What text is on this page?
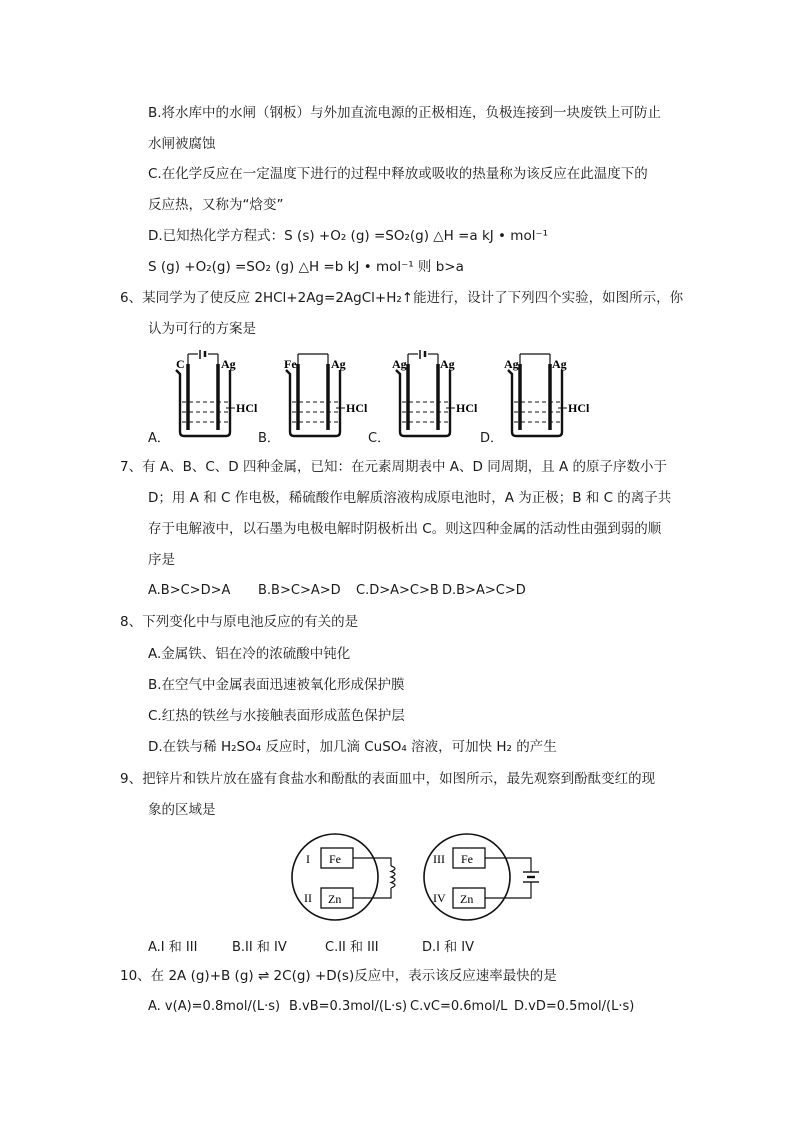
B.将水库中的水闸（钢板）与外加直流电源的正极相连，负极连接到一块废铁上可防止
水闸被腐蚀
C.在化学反应在一定温度下进行的过程中释放或吸收的热量称为该反应在此温度下的
反应热，又称为“焓变”
D.已知热化学方程式：S (s) +O₂ (g) =SO₂(g) △H =a kJ • mol⁻¹
S (g) +O₂(g) =SO₂ (g) △H =b kJ • mol⁻¹ 则 b>a
6、某同学为了使反应 2HCl+2Ag=2AgCl+H₂↑能进行，设计了下列四个实验，如图所示，你
认为可行的方案是
C	Ag
HCl
Fe	Ag
HCl
Ag	Ag
HCl
Ag	Ag
HCl
A．	B．	C．	D．
7、有 A、B、C、D 四种金属，已知：在元素周期表中 A、D 同周期，且 A 的原子序数小于
D；用 A 和 C 作电极，稀硫酸作电解质溶液构成原电池时，A 为正极；B 和 C 的离子共
存于电解液中，以石墨为电极电解时阴极析出 C。则这四种金属的活动性由强到弱的顺
序是
A.B>C>D>A B.B>C>A>D C.D>A>C>B D.B>A>C>D
8、下列变化中与原电池反应的有关的是
A.金属铁、铝在冷的浓硫酸中钝化
B.在空气中金属表面迅速被氧化形成保护膜
C.红热的铁丝与水接触表面形成蓝色保护层
D.在铁与稀 H₂SO₄ 反应时，加几滴 CuSO₄ 溶液，可加快 H₂ 的产生
9、把锌片和铁片放在盛有食盐水和酚酞的表面皿中，如图所示，最先观察到酚酞变红的现
象的区域是
I Fe
II Zn
III Fe
IV Zn
A.I 和 III	B.II 和 IV	C.II 和 III	D.I 和 IV
10、在 2A (g)+B (g) ⇌ 2C(g) +D(s)反应中，表示该反应速率最快的是
A. v(A)=0.8mol/(L·s) B.vB=0.3mol/(L·s) C.vC=0.6mol/L D.vD=0.5mol/(L·s)
